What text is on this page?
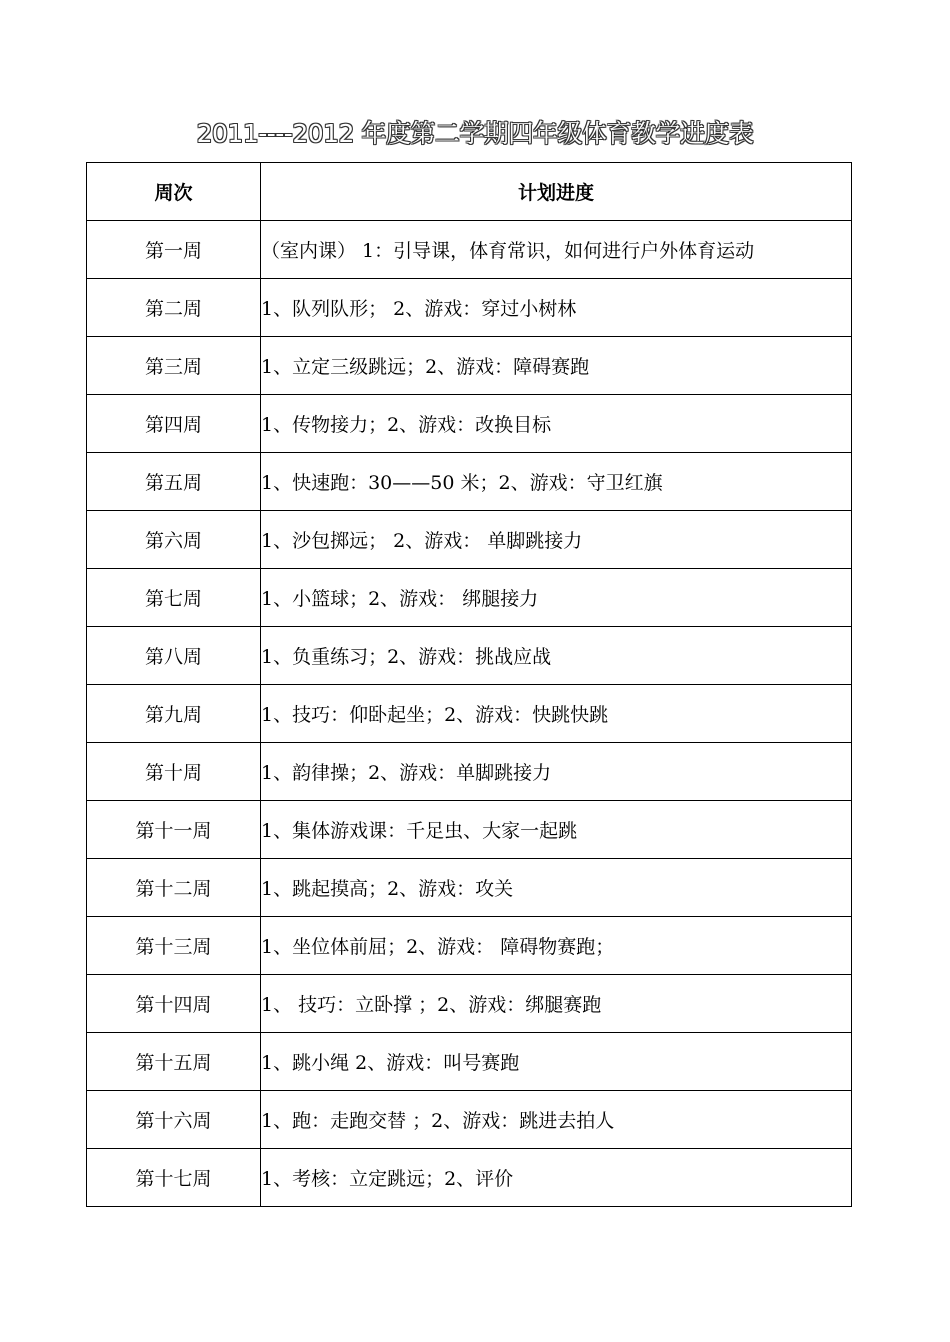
2011----2012 年度第二学期四年级体育教学进度表
周次	计划进度
第一周	（室内课） 1：引导课，体育常识，如何进行户外体育运动
第二周	1、队列队形； 2、游戏：穿过小树林
第三周	1、立定三级跳远；2、游戏：障碍赛跑
第四周	1、传物接力；2、游戏：改换目标
第五周	1、快速跑：30——50 米；2、游戏：守卫红旗
第六周	1、沙包掷远； 2、游戏： 单脚跳接力
第七周	1、小篮球；2、游戏： 绑腿接力
第八周	1、负重练习；2、游戏：挑战应战
第九周	1、技巧：仰卧起坐；2、游戏：快跳快跳
第十周	1、韵律操；2、游戏：单脚跳接力
第十一周	1、集体游戏课：千足虫、大家一起跳
第十二周	1、跳起摸高；2、游戏：攻关
第十三周	1、坐位体前屈；2、游戏： 障碍物赛跑；
第十四周	1、 技巧：立卧撑 ；2、游戏：绑腿赛跑
第十五周	1、跳小绳 2、游戏：叫号赛跑
第十六周	1、跑：走跑交替 ；2、游戏：跳进去拍人
第十七周	1、考核：立定跳远；2、评价
